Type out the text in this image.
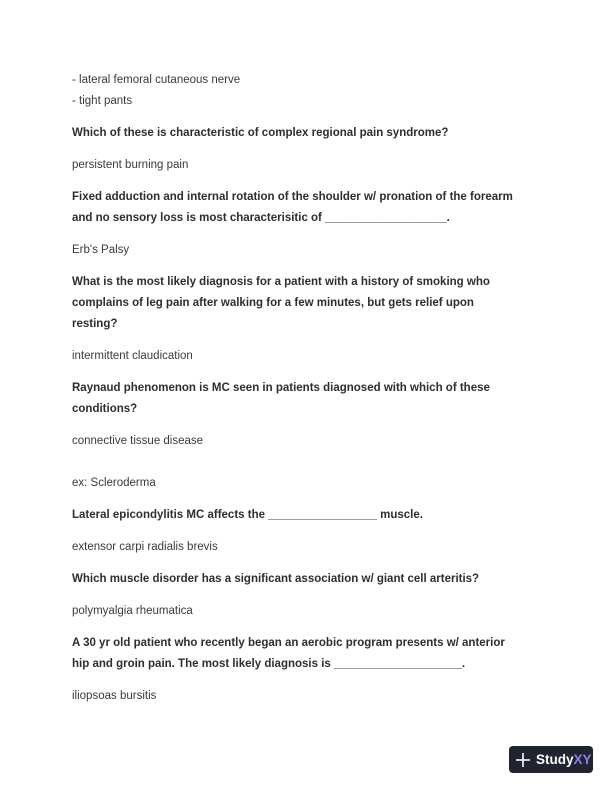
- lateral femoral cutaneous nerve

- tight pants

Which of these is characteristic of complex regional pain syndrome?

persistent burning pain

Fixed adduction and internal rotation of the shoulder w/ pronation of the forearm

and no sensory loss is most characterisitic of ___________________.

Erb's Palsy

What is the most likely diagnosis for a patient with a history of smoking who

complains of leg pain after walking for a few minutes, but gets relief upon

resting?

intermittent claudication

Raynaud phenomenon is MC seen in patients diagnosed with which of these

conditions?

connective tissue disease

ex: Scleroderma

Lateral epicondylitis MC affects the _________________ muscle.

extensor carpi radialis brevis

Which muscle disorder has a significant association w/ giant cell arteritis?

polymyalgia rheumatica

A 30 yr old patient who recently began an aerobic program presents w/ anterior

hip and groin pain. The most likely diagnosis is ____________________.

iliopsoas bursitis

StudyXY
